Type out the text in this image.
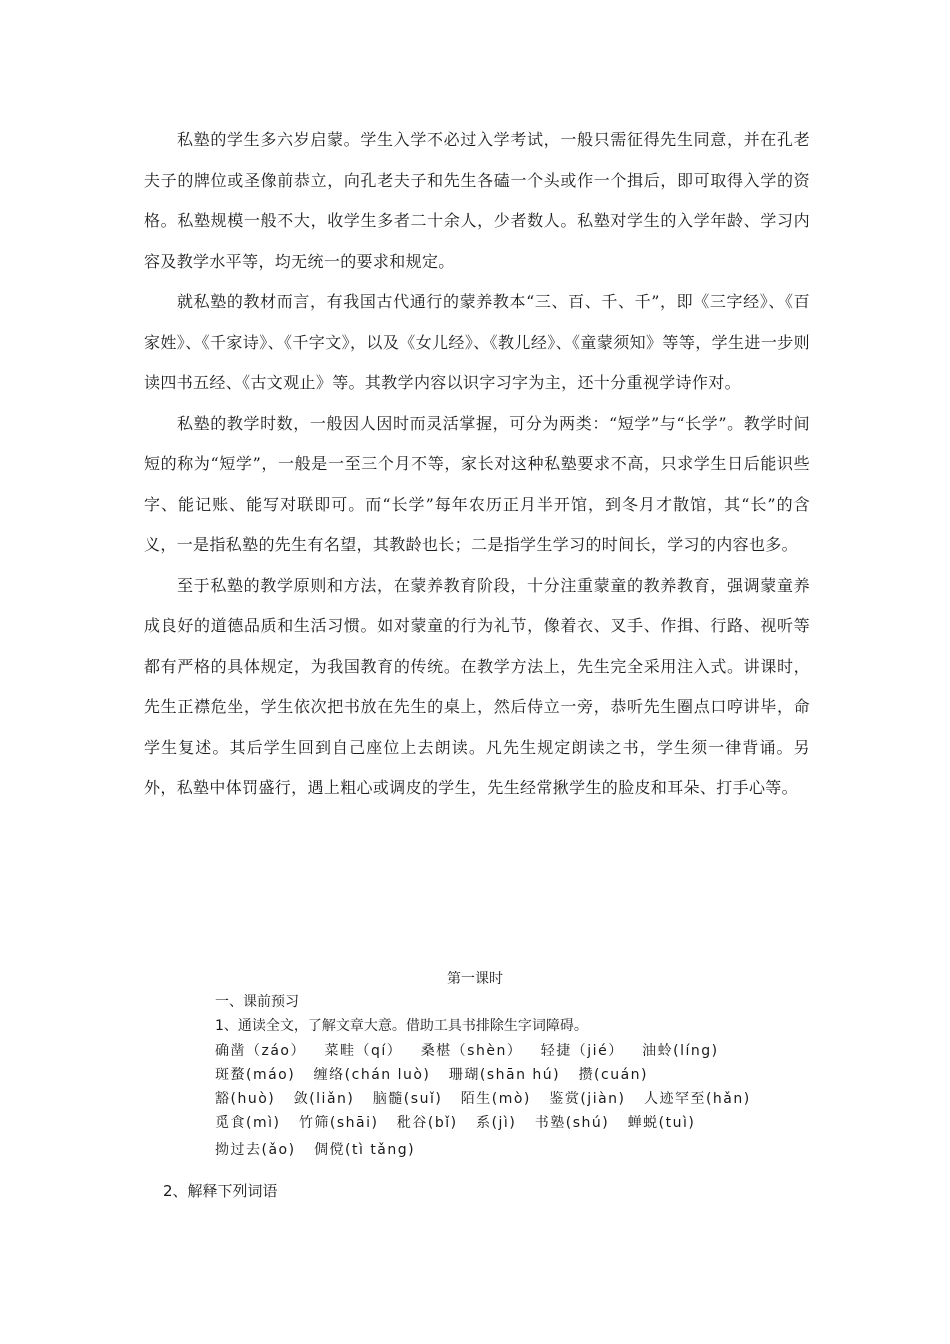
私塾的学生多六岁启蒙。学生入学不必过入学考试，一般只需征得先生同意，并在孔老夫子的牌位或圣像前恭立，向孔老夫子和先生各磕一个头或作一个揖后，即可取得入学的资格。私塾规模一般不大，收学生多者二十余人，少者数人。私塾对学生的入学年龄、学习内容及教学水平等，均无统一的要求和规定。

就私塾的教材而言，有我国古代通行的蒙养教本“三、百、千、千”，即《三字经》、《百家姓》、《千家诗》、《千字文》，以及《女儿经》、《教儿经》、《童蒙须知》等等，学生进一步则读四书五经、《古文观止》等。其教学内容以识字习字为主，还十分重视学诗作对。

私塾的教学时数，一般因人因时而灵活掌握，可分为两类：“短学”与“长学”。教学时间短的称为“短学”，一般是一至三个月不等，家长对这种私塾要求不高，只求学生日后能识些字、能记账、能写对联即可。而“长学”每年农历正月半开馆，到冬月才散馆，其“长”的含义，一是指私塾的先生有名望，其教龄也长；二是指学生学习的时间长，学习的内容也多。

至于私塾的教学原则和方法，在蒙养教育阶段，十分注重蒙童的教养教育，强调蒙童养成良好的道德品质和生活习惯。如对蒙童的行为礼节，像着衣、叉手、作揖、行路、视听等都有严格的具体规定，为我国教育的传统。在教学方法上，先生完全采用注入式。讲课时，先生正襟危坐，学生依次把书放在先生的桌上，然后侍立一旁，恭听先生圈点口哼讲毕，命学生复述。其后学生回到自己座位上去朗读。凡先生规定朗读之书，学生须一律背诵。另外，私塾中体罚盛行，遇上粗心或调皮的学生，先生经常揪学生的脸皮和耳朵、打手心等。

第一课时
一、课前预习
1、通读全文，了解文章大意。借助工具书排除生字词障碍。
确凿（záo） 菜畦（qí） 桑椹（shèn） 轻捷（jié） 油蛉(líng)
斑蝥(máo) 缠络(chán luò) 珊瑚(shān hú) 攒(cuán)
豁(huò) 敛(liǎn) 脑髓(suǐ) 陌生(mò) 鉴赏(jiàn) 人迹罕至(hǎn)
觅食(mì) 竹筛(shāi) 秕谷(bǐ) 系(jì) 书塾(shú) 蝉蜕(tuì)
拗过去(ǎo) 倜傥(tì tǎng)
2、解释下列词语
